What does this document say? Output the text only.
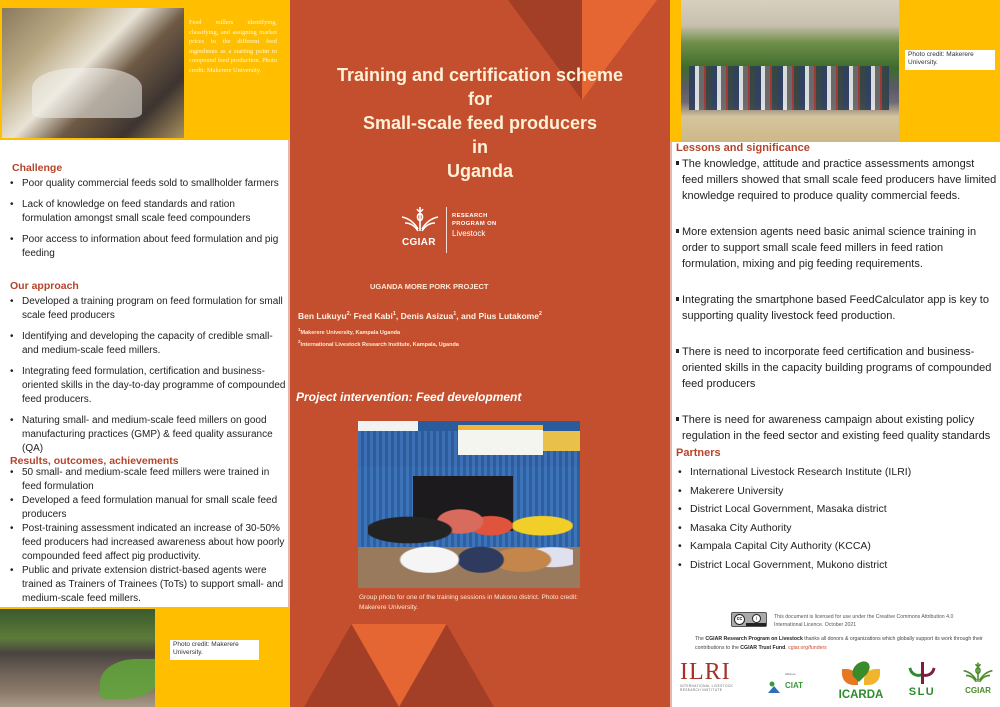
Feed millers identifying, classifying, and assigning market prices to the different feed ingredients as a starting point to compound feed production. Photo credit: Makerere University.
Challenge
• Poor quality commercial feeds sold to smallholder farmers
• Lack of knowledge on feed standards and ration formulation amongst small scale feed compounders
• Poor access to information about feed formulation and pig feeding
Our approach
• Developed a training program on feed formulation for small scale feed producers
• Identifying and developing the capacity of credible small- and medium-scale feed millers.
• Integrating feed formulation, certification and business-oriented skills in the day-to-day programme of compounded feed producers.
• Naturing small- and medium-scale feed millers on good manufacturing practices (GMP) & feed quality assurance (QA)
Results, outcomes, achievements
• 50 small- and medium-scale feed millers were trained in feed formulation
• Developed a feed formulation manual for small scale feed producers
• Post-training assessment indicated an increase of 30-50% feed producers had increased awareness about how poorly compounded feed affect pig productivity.
• Public and private extension district-based agents were trained as Trainers of Trainees (ToTs) to support small- and medium-scale feed millers.
Photo credit: Makerere University.
Training and certification scheme
for
Small-scale feed producers
in
Uganda
CGIAR
RESEARCH
PROGRAM ON
Livestock
UGANDA MORE PORK PROJECT
Ben Lukuyu$^{2,}$ Fred Kabi$^1$, Denis Asizua$^1$, and Pius Lutakome$^2$
$^1$Makerere University, Kampala Uganda
$^2$International Livestock Research Institute, Kampala, Uganda
Project intervention: Feed development
Group photo for one of the training sessions in Mukono district. Photo credit: Makerere University.
Photo credit: Makerere University.
Lessons and significance
The knowledge, attitude and practice assessments amongst feed millers showed that small scale feed producers have limited knowledge required to produce quality commercial feeds.
More extension agents need basic animal science training in order to support small scale feed millers in feed ration formulation, mixing and pig feeding requirements.
Integrating the smartphone based FeedCalculator app is key to supporting quality livestock feed production.
There is need to incorporate feed certification and business-oriented skills in the capacity building programs of compounded feed producers
There is need for awareness campaign about existing policy regulation in the feed sector and existing feed quality standards
Partners
• International Livestock Research Institute (ILRI)
• Makerere University
• District Local Government, Masaka district
• Masaka City Authority
• Kampala Capital City Authority (KCCA)
• District Local Government, Mukono district
cc	i	This document is licensed for use under the Creative Commons Attribution 4.0 International Licence. October 2021
The CGIAR Research Program on Livestock thanks all donors & organizations which globally support its work through their contributions to the CGIAR Trust Fund. cgiar.org/funders
ILRI
INTERNATIONAL LIVESTOCK RESEARCH INSTITUTE
Alliance
CIAT
ICARDA	SLU	CGIAR
